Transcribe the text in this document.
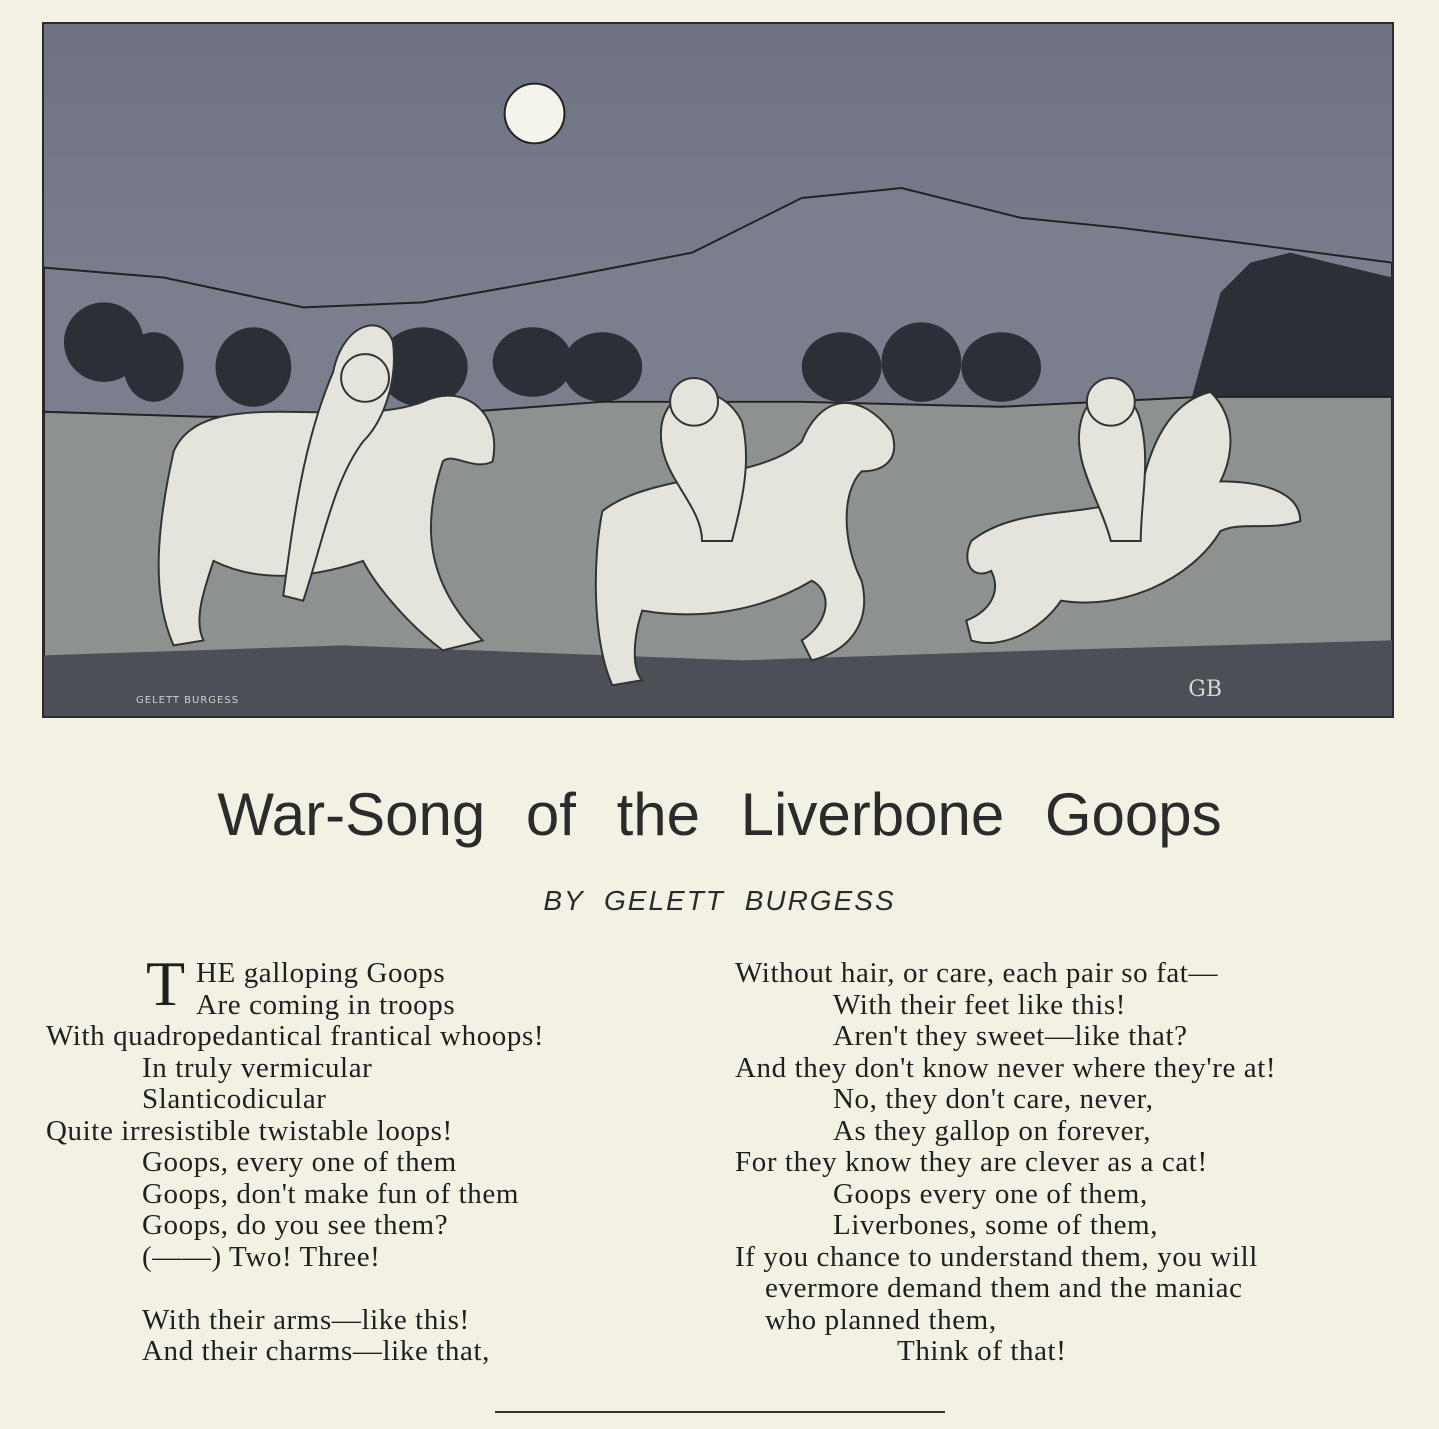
GELETT BURGESS	GB
War-Song of the Liverbone Goops
BY GELETT BURGESS
T HE galloping Goops
Are coming in troops
With quadropedantical frantical whoops!
In truly vermicular
Slanticodicular
Quite irresistible twistable loops!
Goops, every one of them
Goops, don't make fun of them
Goops, do you see them?
(——) Two! Three!
With their arms—like this!
And their charms—like that,
Without hair, or care, each pair so fat—
With their feet like this!
Aren't they sweet—like that?
And they don't know never where they're at!
No, they don't care, never,
As they gallop on forever,
For they know they are clever as a cat!
Goops every one of them,
Liverbones, some of them,
If you chance to understand them, you will
evermore demand them and the maniac
who planned them,
Think of that!
